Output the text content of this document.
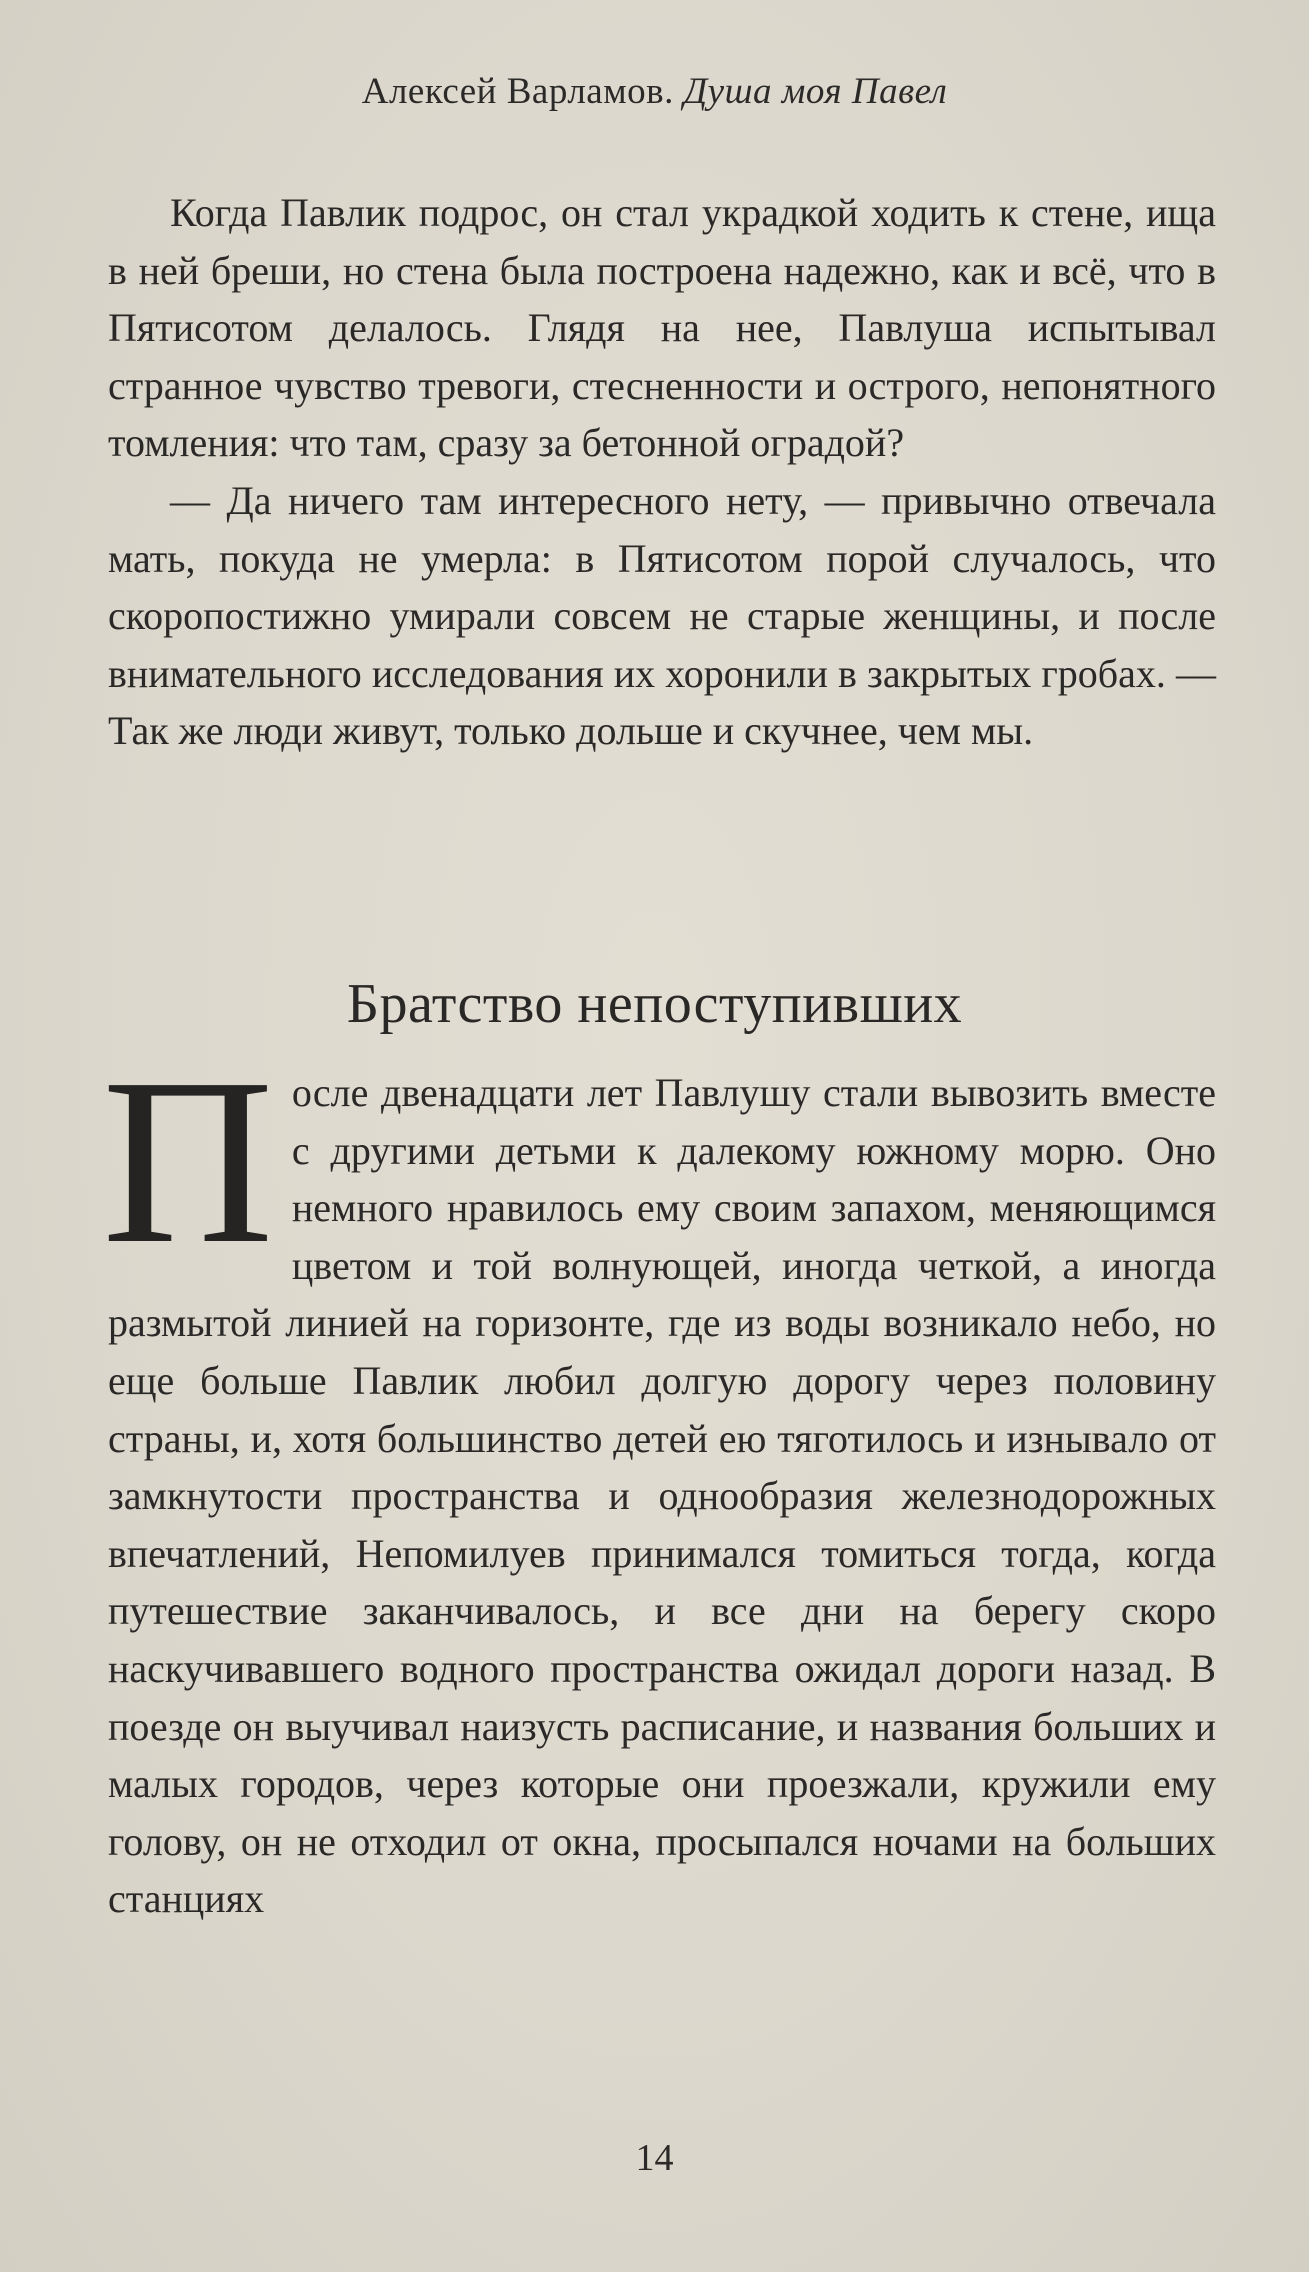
Алексей Варламов. Душа моя Павел

Когда Павлик подрос, он стал украдкой ходить к стене, ища в ней бреши, но стена была построена надежно, как и всё, что в Пятисотом делалось. Глядя на нее, Павлуша испытывал странное чувство тревоги, стесненности и острого, непонятного томления: что там, сразу за бетонной оградой?

— Да ничего там интересного нету, — привычно отвечала мать, покуда не умерла: в Пятисотом порой случалось, что скоропостижно умирали совсем не старые женщины, и после внимательного исследования их хоронили в закрытых гробах. — Так же люди живут, только дольше и скучнее, чем мы.

Братство непоступивших

После двенадцати лет Павлушу стали вывозить вместе с другими детьми к далекому южному морю. Оно немного нравилось ему своим запахом, меняющимся цветом и той волнующей, иногда четкой, а иногда размытой линией на горизонте, где из воды возникало небо, но еще больше Павлик любил долгую дорогу через половину страны, и, хотя большинство детей ею тяготилось и изнывало от замкнутости пространства и однообразия железнодорожных впечатлений, Непомилуев принимался томиться тогда, когда путешествие заканчивалось, и все дни на берегу скоро наскучивавшего водного пространства ожидал дороги назад. В поезде он выучивал наизусть расписание, и названия больших и малых городов, через которые они проезжали, кружили ему голову, он не отходил от окна, просыпался ночами на больших станциях

14
